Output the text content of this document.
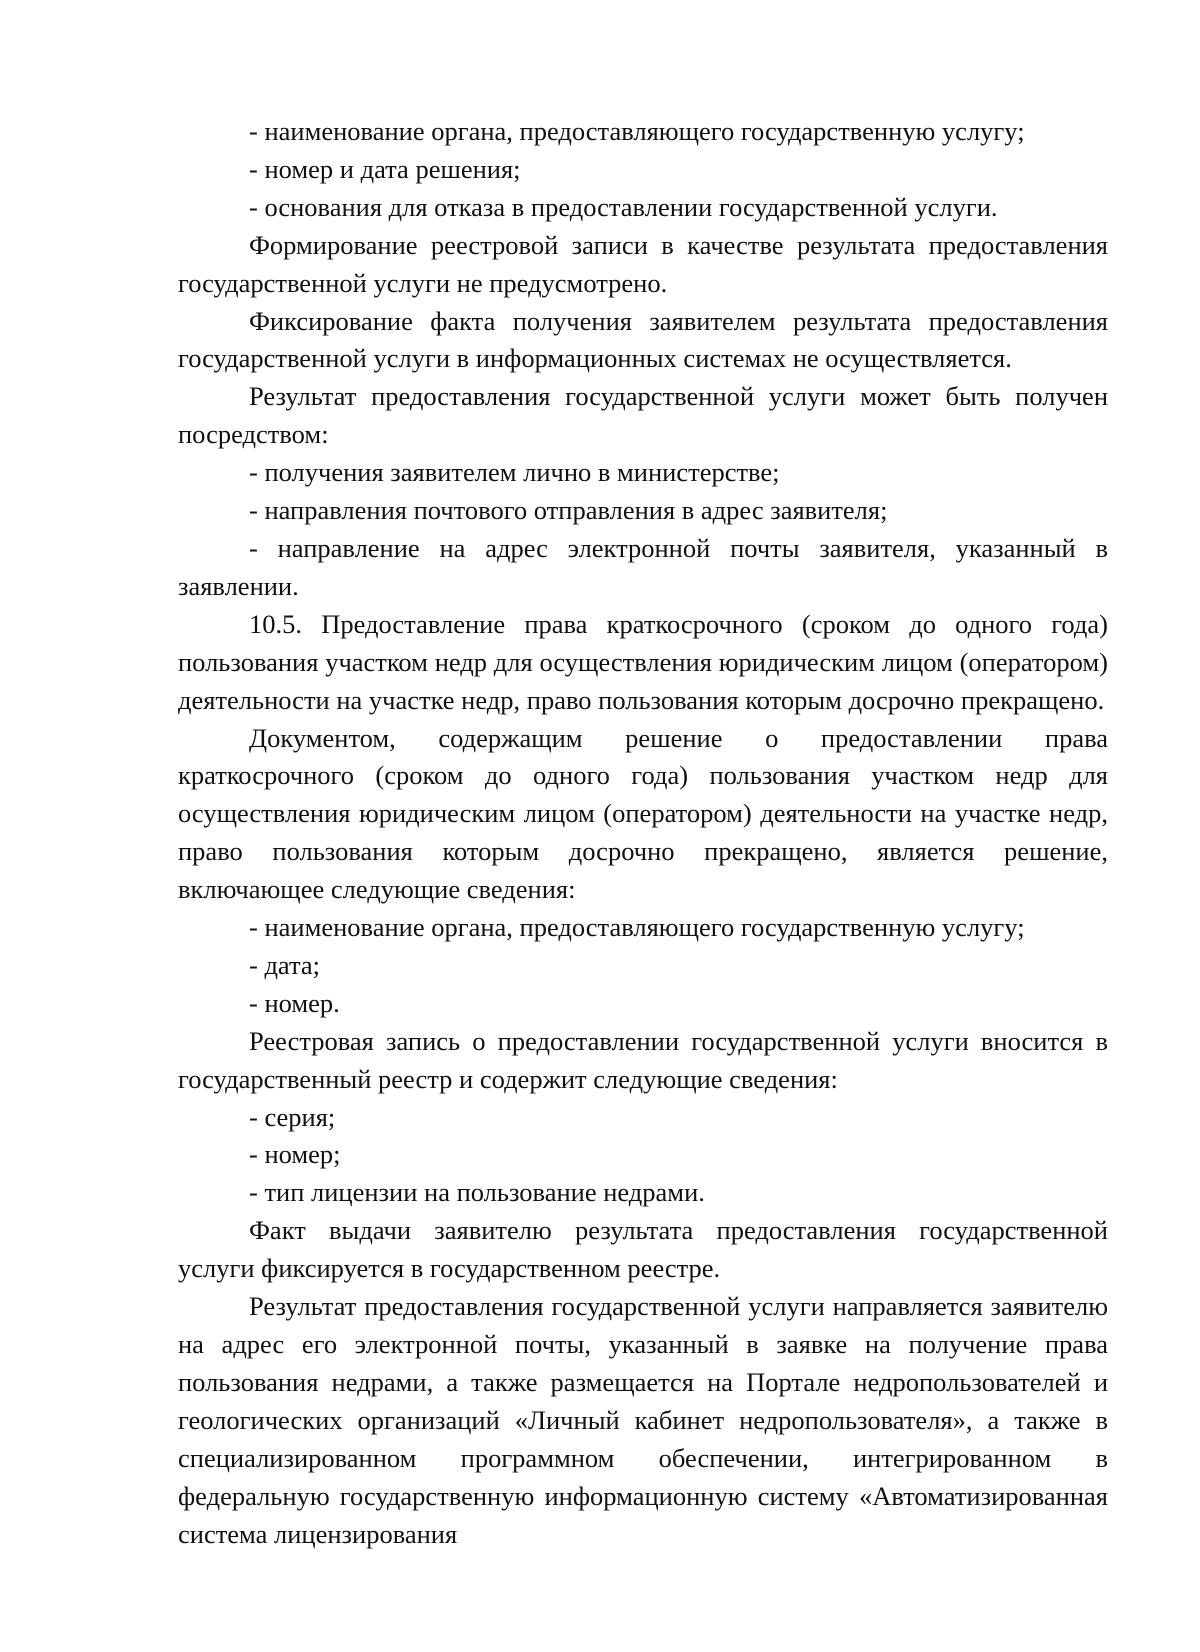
- наименование органа, предоставляющего государственную услугу;

- номер и дата решения;

- основания для отказа в предоставлении государственной услуги.

Формирование реестровой записи в качестве результата предоставления государственной услуги не предусмотрено.

Фиксирование факта получения заявителем результата предоставления государственной услуги в информационных системах не осуществляется.

Результат предоставления государственной услуги может быть получен посредством:

- получения заявителем лично в министерстве;

- направления почтового отправления в адрес заявителя;

- направление на адрес электронной почты заявителя, указанный в заявлении.

10.5. Предоставление права краткосрочного (сроком до одного года) пользования участком недр для осуществления юридическим лицом (оператором) деятельности на участке недр, право пользования которым досрочно прекращено.

Документом, содержащим решение о предоставлении права краткосрочного (сроком до одного года) пользования участком недр для осуществления юридическим лицом (оператором) деятельности на участке недр, право пользования которым досрочно прекращено, является решение, включающее следующие сведения:

- наименование органа, предоставляющего государственную услугу;

- дата;

- номер.

Реестровая запись о предоставлении государственной услуги вносится в государственный реестр и содержит следующие сведения:

- серия;

- номер;

- тип лицензии на пользование недрами.

Факт выдачи заявителю результата предоставления государственной услуги фиксируется в государственном реестре.

Результат предоставления государственной услуги направляется заявителю на адрес его электронной почты, указанный в заявке на получение права пользования недрами, а также размещается на Портале недропользователей и геологических организаций «Личный кабинет недропользователя», а также в специализированном программном обеспечении, интегрированном в федеральную государственную информационную систему «Автоматизированная система лицензирования
